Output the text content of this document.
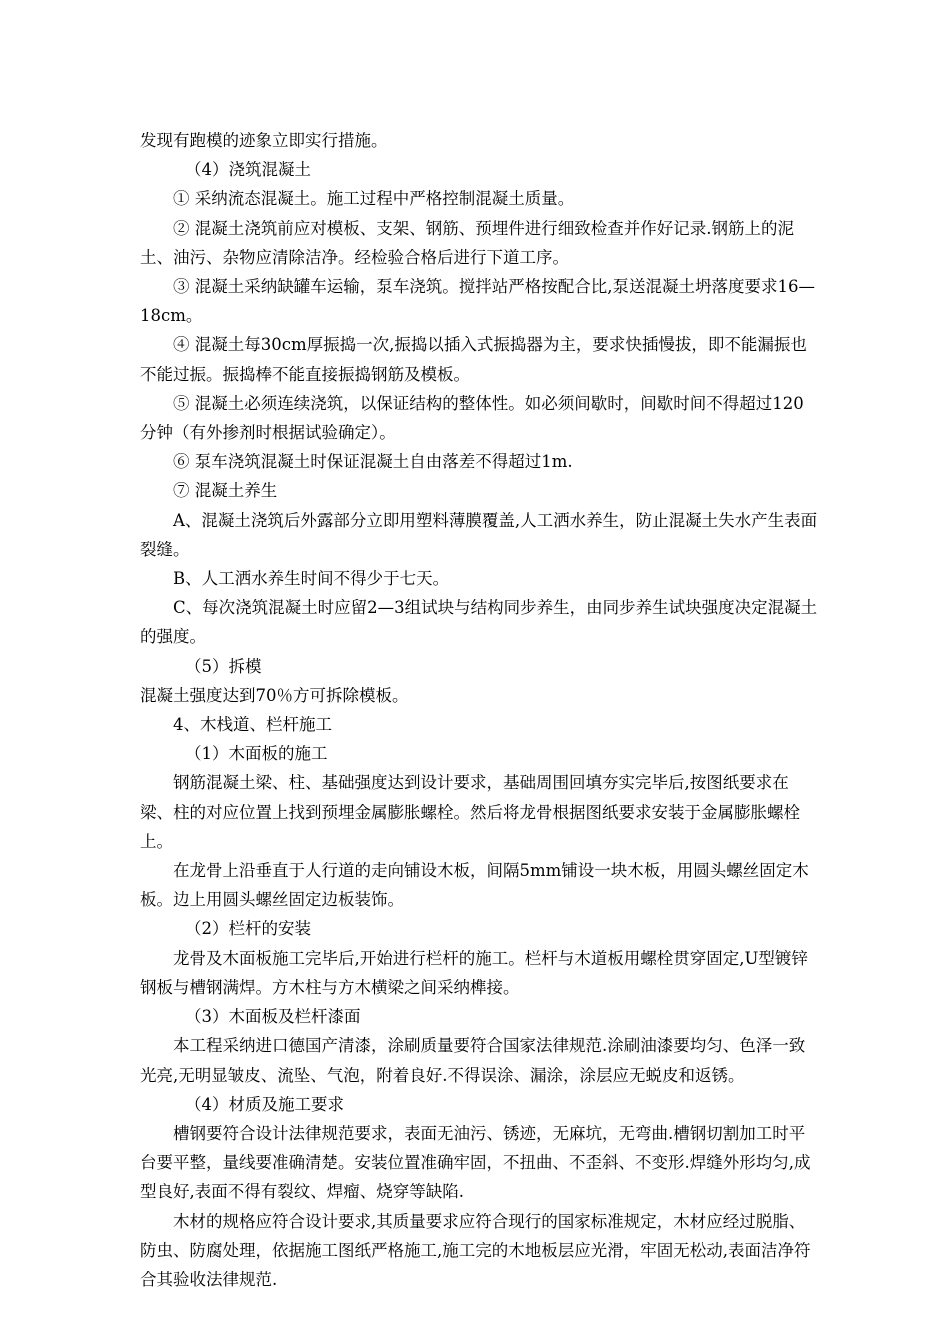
发现有跑模的迹象立即实行措施。

（4）浇筑混凝土

① 采纳流态混凝土。施工过程中严格控制混凝土质量。

② 混凝土浇筑前应对模板、支架、钢筋、预埋件进行细致检查并作好记录.钢筋上的泥土、油污、杂物应清除洁净。经检验合格后进行下道工序。

③ 混凝土采纳缺罐车运输，泵车浇筑。搅拌站严格按配合比,泵送混凝土坍落度要求16—18cm。

④ 混凝土每30cm厚振捣一次,振捣以插入式振捣器为主，要求快插慢拔，即不能漏振也不能过振。振捣棒不能直接振捣钢筋及模板。

⑤ 混凝土必须连续浇筑，以保证结构的整体性。如必须间歇时，间歇时间不得超过120分钟（有外掺剂时根据试验确定）。

⑥ 泵车浇筑混凝土时保证混凝土自由落差不得超过1m.

⑦ 混凝土养生

A、混凝土浇筑后外露部分立即用塑料薄膜覆盖,人工洒水养生，防止混凝土失水产生表面裂缝。

B、人工洒水养生时间不得少于七天。

C、每次浇筑混凝土时应留2—3组试块与结构同步养生，由同步养生试块强度决定混凝土的强度。

（5）拆模

混凝土强度达到70％方可拆除模板。

4、木栈道、栏杆施工

（1）木面板的施工

钢筋混凝土梁、柱、基础强度达到设计要求，基础周围回填夯实完毕后,按图纸要求在梁、柱的对应位置上找到预埋金属膨胀螺栓。然后将龙骨根据图纸要求安装于金属膨胀螺栓上。

在龙骨上沿垂直于人行道的走向铺设木板，间隔5mm铺设一块木板，用圆头螺丝固定木板。边上用圆头螺丝固定边板装饰。

（2）栏杆的安装

龙骨及木面板施工完毕后,开始进行栏杆的施工。栏杆与木道板用螺栓贯穿固定,U型镀锌钢板与槽钢满焊。方木柱与方木横梁之间采纳榫接。

（3）木面板及栏杆漆面

本工程采纳进口德国产清漆，涂刷质量要符合国家法律规范.涂刷油漆要均匀、色泽一致光亮,无明显皱皮、流坠、气泡，附着良好.不得误涂、漏涂，涂层应无蜕皮和返锈。

（4）材质及施工要求

槽钢要符合设计法律规范要求，表面无油污、锈迹，无麻坑，无弯曲.槽钢切割加工时平台要平整，量线要准确清楚。安装位置准确牢固，不扭曲、不歪斜、不变形.焊缝外形均匀,成型良好,表面不得有裂纹、焊瘤、烧穿等缺陷.

木材的规格应符合设计要求,其质量要求应符合现行的国家标准规定，木材应经过脱脂、防虫、防腐处理，依据施工图纸严格施工,施工完的木地板层应光滑，牢固无松动,表面洁净符合其验收法律规范.
